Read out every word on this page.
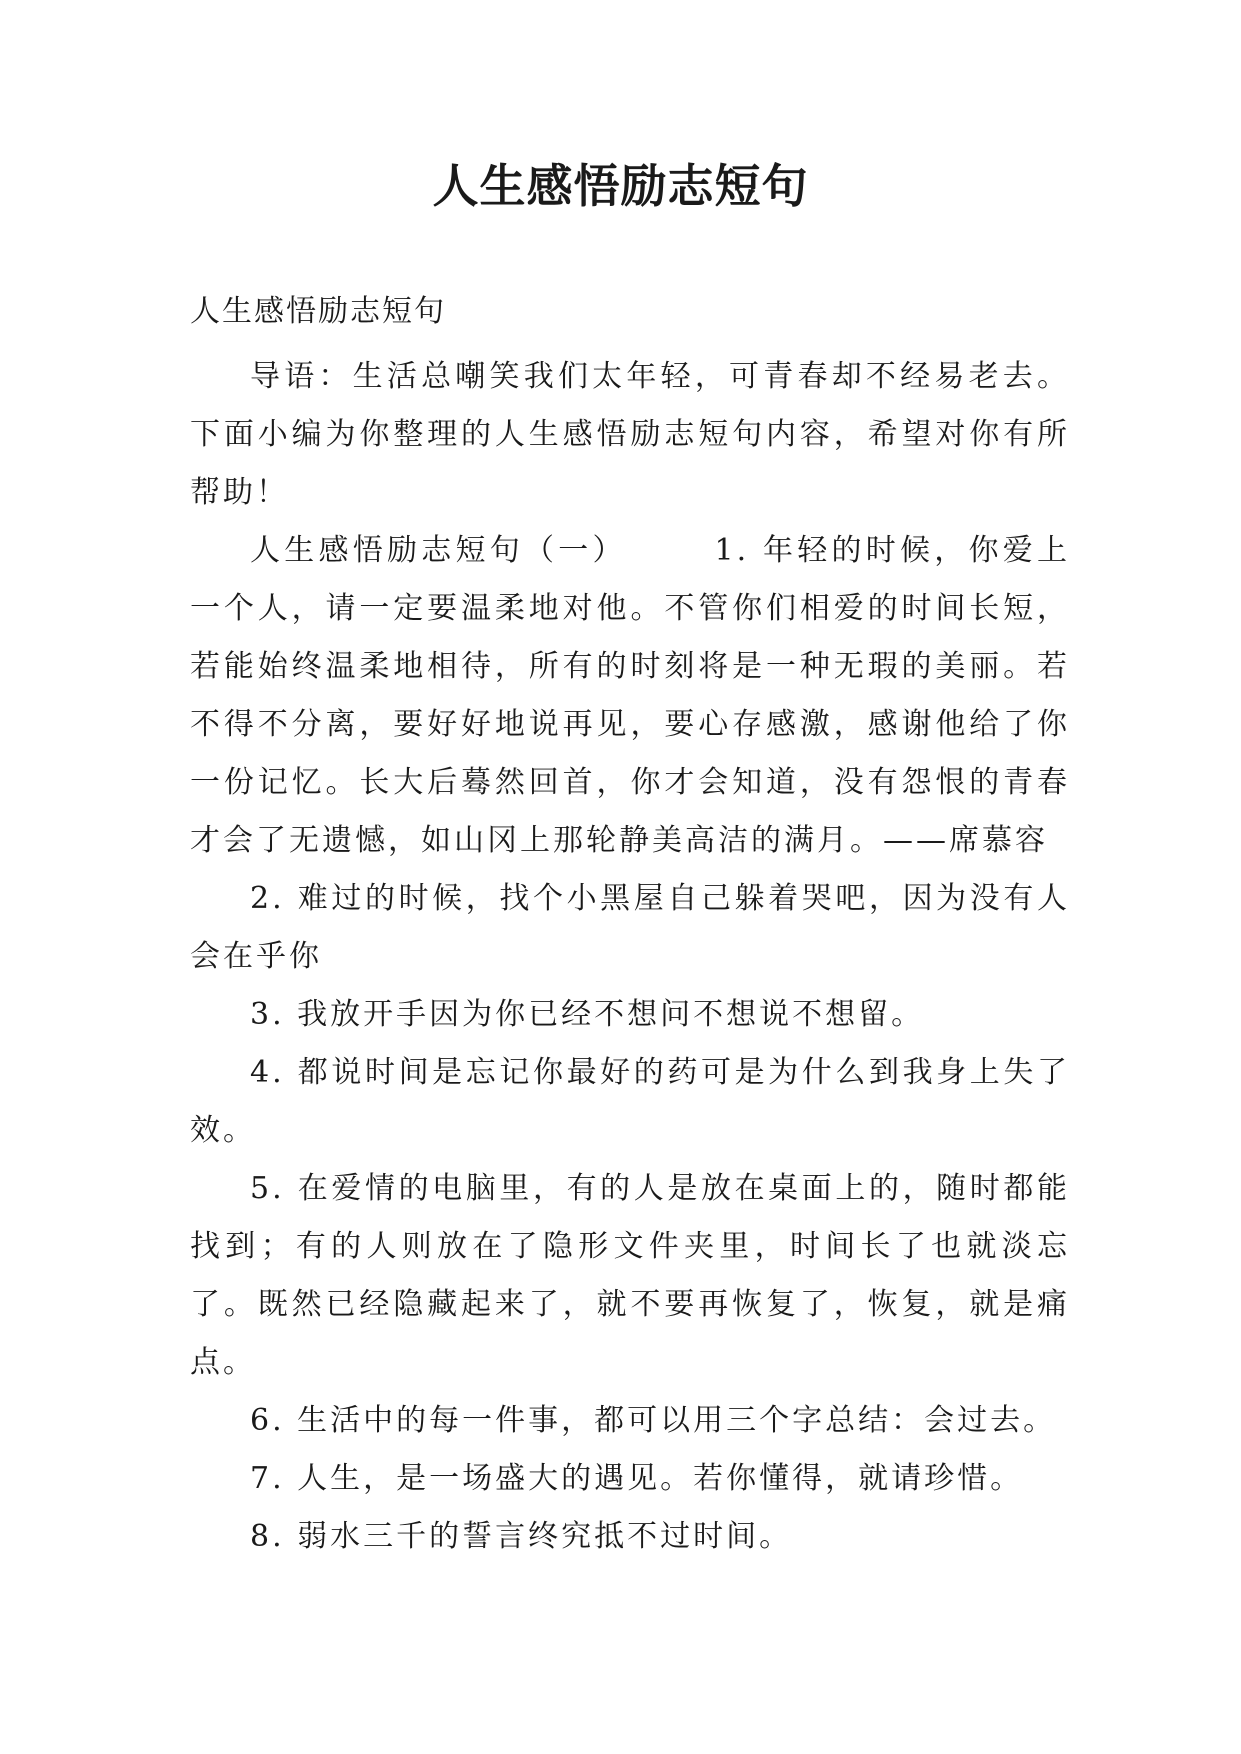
人生感悟励志短句
人生感悟励志短句

导语：生活总嘲笑我们太年轻，可青春却不经易老去。下面小编为你整理的人生感悟励志短句内容，希望对你有所帮助！

人生感悟励志短句（一）　　　1. 年轻的时候，你爱上一个人，请一定要温柔地对他。不管你们相爱的时间长短，若能始终温柔地相待，所有的时刻将是一种无瑕的美丽。若不得不分离，要好好地说再见，要心存感激，感谢他给了你一份记忆。长大后蓦然回首，你才会知道，没有怨恨的青春才会了无遗憾，如山冈上那轮静美高洁的满月。——席慕容

2. 难过的时候，找个小黑屋自己躲着哭吧，因为没有人会在乎你

3. 我放开手因为你已经不想问不想说不想留。

4. 都说时间是忘记你最好的药可是为什么到我身上失了效。

5. 在爱情的电脑里，有的人是放在桌面上的，随时都能找到；有的人则放在了隐形文件夹里，时间长了也就淡忘了。既然已经隐藏起来了，就不要再恢复了，恢复，就是痛点。

6. 生活中的每一件事，都可以用三个字总结：会过去。

7. 人生，是一场盛大的遇见。若你懂得，就请珍惜。

8. 弱水三千的誓言终究抵不过时间。
